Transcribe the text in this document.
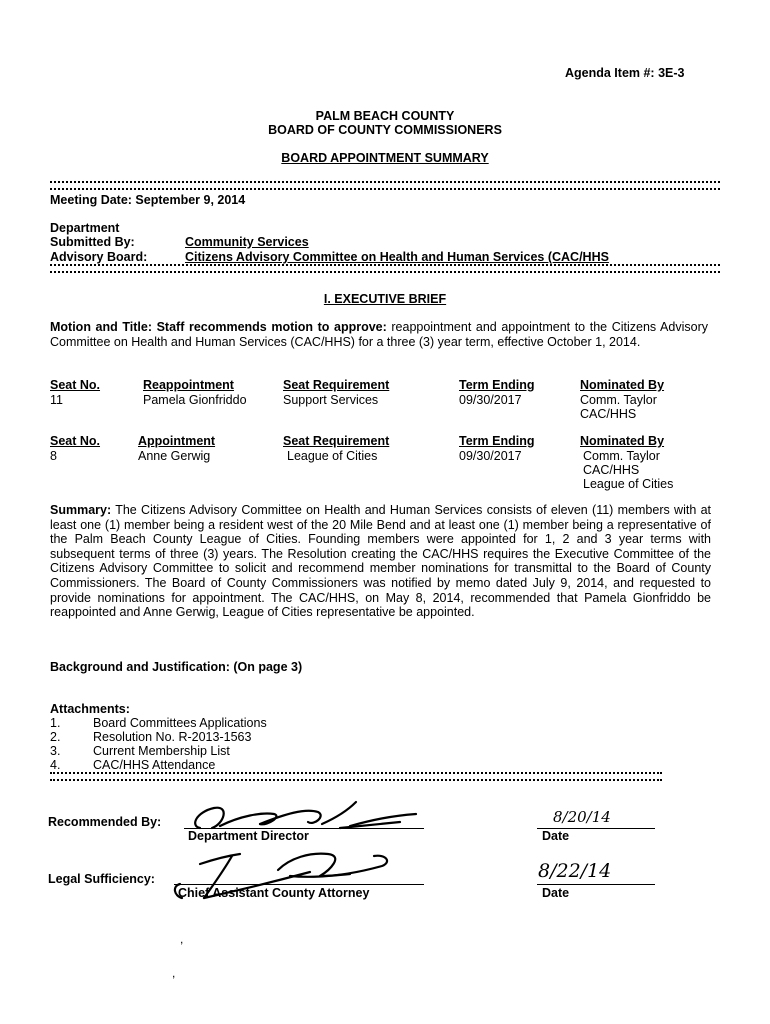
Agenda Item #: 3E-3
PALM BEACH COUNTY
BOARD OF COUNTY COMMISSIONERS
BOARD APPOINTMENT SUMMARY
Meeting Date: September 9, 2014
Department
Submitted By:	Community Services
Advisory Board:	Citizens Advisory Committee on Health and Human Services (CAC/HHS
I. EXECUTIVE BRIEF
Motion and Title: Staff recommends motion to approve: reappointment and appointment to the Citizens Advisory Committee on Health and Human Services (CAC/HHS) for a three (3) year term, effective October 1, 2014.
Seat No.	Reappointment	Seat Requirement	Term Ending	Nominated By
11	Pamela Gionfriddo	Support Services	09/30/2017	Comm. Taylor
CAC/HHS
Seat No.	Appointment	Seat Requirement	Term Ending	Nominated By
8	Anne Gerwig	League of Cities	09/30/2017	Comm. Taylor
CAC/HHS
League of Cities
Summary: The Citizens Advisory Committee on Health and Human Services consists of eleven (11) members with at least one (1) member being a resident west of the 20 Mile Bend and at least one (1) member being a representative of the Palm Beach County League of Cities. Founding members were appointed for 1, 2 and 3 year terms with subsequent terms of three (3) years. The Resolution creating the CAC/HHS requires the Executive Committee of the Citizens Advisory Committee to solicit and recommend member nominations for transmittal to the Board of County Commissioners. The Board of County Commissioners was notified by memo dated July 9, 2014, and requested to provide nominations for appointment. The CAC/HHS, on May 8, 2014, recommended that Pamela Gionfriddo be reappointed and Anne Gerwig, League of Cities representative be appointed.
Background and Justification: (On page 3)
Attachments:
1.	Board Committees Applications
2.	Resolution No. R-2013-1563
3.	Current Membership List
4.	CAC/HHS Attendance
Recommended By:
Department Director	Date
8/20/14
Legal Sufficiency:
Chief Assistant County Attorney	Date
8/22/14
,
,
